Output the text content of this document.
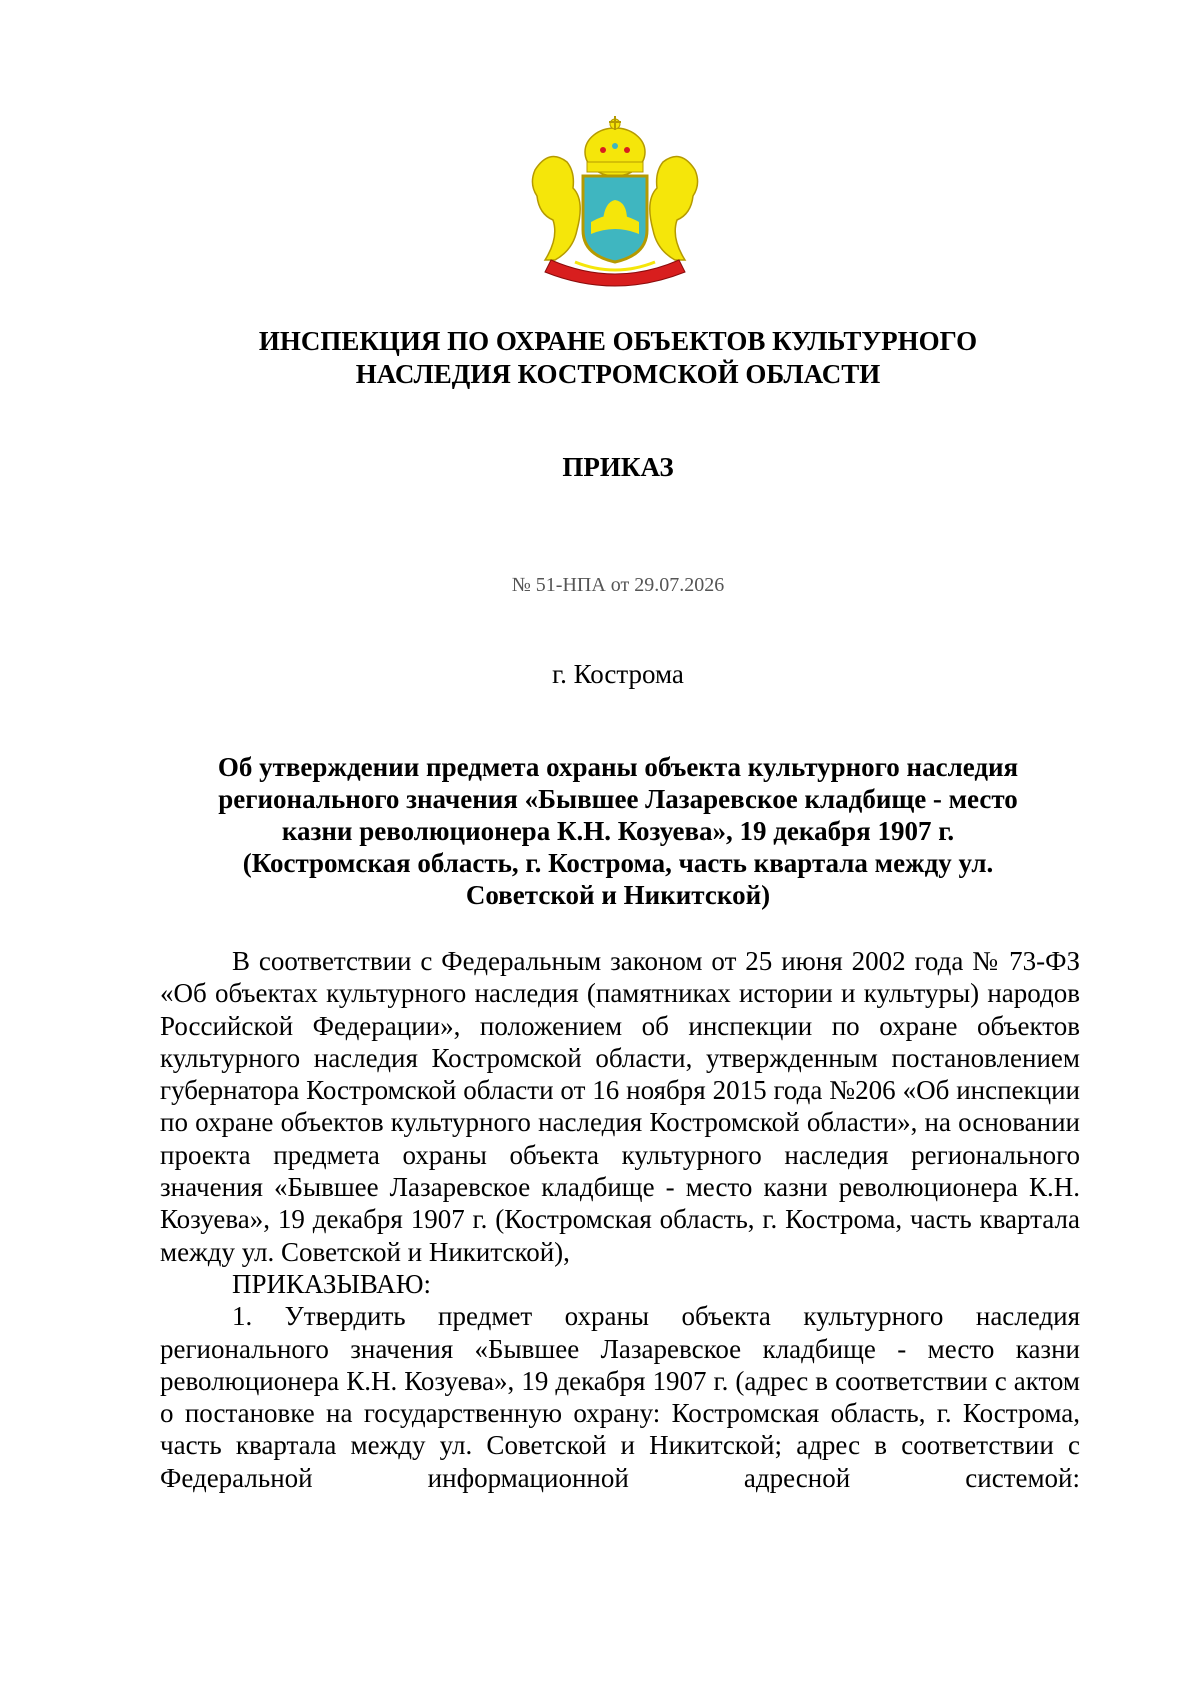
ИНСПЕКЦИЯ ПО ОХРАНЕ ОБЪЕКТОВ КУЛЬТУРНОГО
НАСЛЕДИЯ КОСТРОМСКОЙ ОБЛАСТИ
ПРИКАЗ
№ 51-НПА от 29.07.2026
г. Кострома
Об утверждении предмета охраны объекта культурного наследия
регионального значения «Бывшее Лазаревское кладбище - место
казни революционера К.Н. Козуева», 19 декабря 1907 г.
(Костромская область, г. Кострома, часть квартала между ул.
Советской и Никитской)

В соответствии с Федеральным законом от 25 июня 2002 года № 73-ФЗ «Об объектах культурного наследия (памятниках истории и культуры) народов Российской Федерации», положением об инспекции по охране объектов культурного наследия Костромской области, утвержденным постановлением губернатора Костромской области от 16 ноября 2015 года №206 «Об инспекции по охране объектов культурного наследия Костромской области», на основании проекта предмета охраны объекта культурного наследия регионального значения «Бывшее Лазаревское кладбище - место казни революционера К.Н. Козуева», 19 декабря 1907 г. (Костромская область, г. Кострома, часть квартала между ул. Советской и Никитской),

ПРИКАЗЫВАЮ:

1. Утвердить предмет охраны объекта культурного наследия регионального значения «Бывшее Лазаревское кладбище - место казни революционера К.Н. Козуева», 19 декабря 1907 г. (адрес в соответствии с актом о постановке на государственную охрану: Костромская область, г. Кострома, часть квартала между ул. Советской и Никитской; адрес в соответствии с Федеральной информационной адресной системой:
